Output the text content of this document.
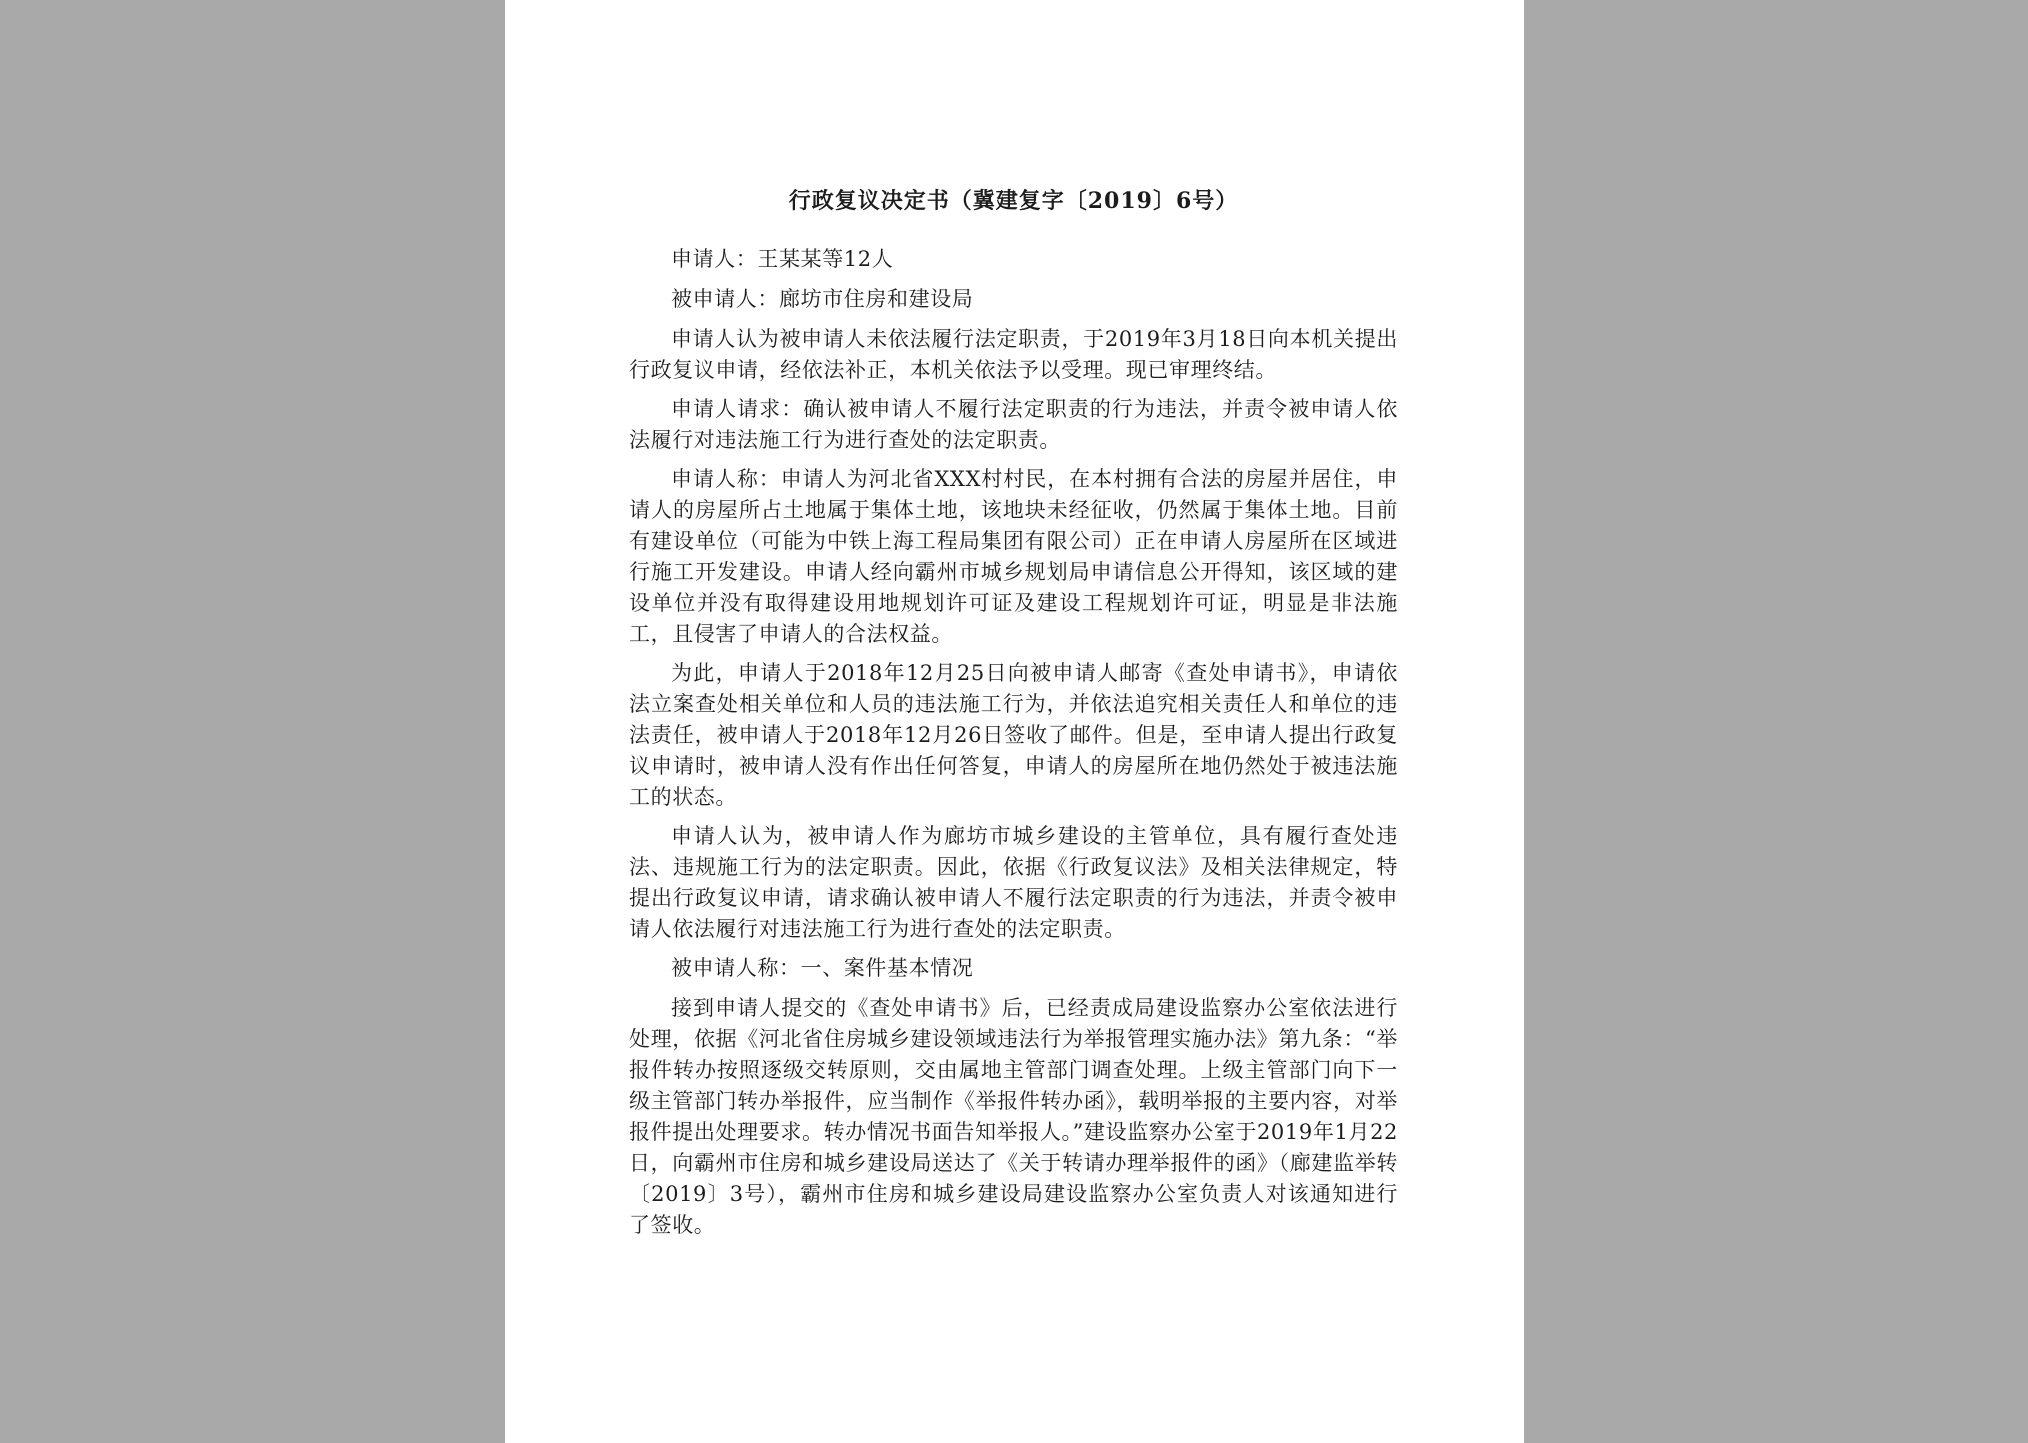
行政复议决定书（冀建复字〔2019〕6号）

申请人：王某某等12人

被申请人：廊坊市住房和建设局

申请人认为被申请人未依法履行法定职责，于2019年3月18日向本机关提出行政复议申请，经依法补正，本机关依法予以受理。现已审理终结。

申请人请求：确认被申请人不履行法定职责的行为违法，并责令被申请人依法履行对违法施工行为进行查处的法定职责。

申请人称：申请人为河北省XXX村村民，在本村拥有合法的房屋并居住，申请人的房屋所占土地属于集体土地，该地块未经征收，仍然属于集体土地。目前有建设单位（可能为中铁上海工程局集团有限公司）正在申请人房屋所在区域进行施工开发建设。申请人经向霸州市城乡规划局申请信息公开得知，该区域的建设单位并没有取得建设用地规划许可证及建设工程规划许可证，明显是非法施工，且侵害了申请人的合法权益。

为此，申请人于2018年12月25日向被申请人邮寄《查处申请书》，申请依法立案查处相关单位和人员的违法施工行为，并依法追究相关责任人和单位的违法责任，被申请人于2018年12月26日签收了邮件。但是，至申请人提出行政复议申请时，被申请人没有作出任何答复，申请人的房屋所在地仍然处于被违法施工的状态。

申请人认为，被申请人作为廊坊市城乡建设的主管单位，具有履行查处违法、违规施工行为的法定职责。因此，依据《行政复议法》及相关法律规定，特提出行政复议申请，请求确认被申请人不履行法定职责的行为违法，并责令被申请人依法履行对违法施工行为进行查处的法定职责。

被申请人称：一、案件基本情况

接到申请人提交的《查处申请书》后，已经责成局建设监察办公室依法进行处理，依据《河北省住房城乡建设领域违法行为举报管理实施办法》第九条：“举报件转办按照逐级交转原则，交由属地主管部门调查处理。上级主管部门向下一级主管部门转办举报件，应当制作《举报件转办函》，载明举报的主要内容，对举报件提出处理要求。转办情况书面告知举报人。”建设监察办公室于2019年1月22日，向霸州市住房和城乡建设局送达了《关于转请办理举报件的函》（廊建监举转〔2019〕3号），霸州市住房和城乡建设局建设监察办公室负责人对该通知进行了签收。
